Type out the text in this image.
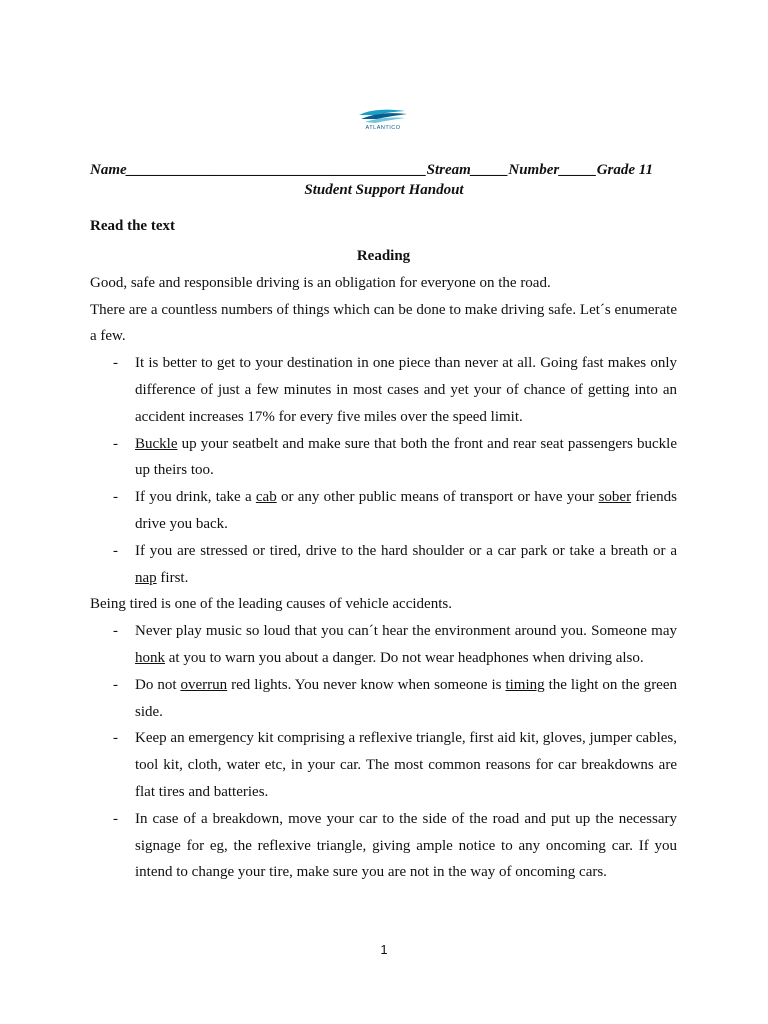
ATLANTICO
Name________________________________________Stream_____Number_____Grade 11
Student Support Handout
Read the text

Reading

Good, safe and responsible driving is an obligation for everyone on the road.

There are a countless numbers of things which can be done to make driving safe. Let´s enumerate a few.

- It is better to get to your destination in one piece than never at all. Going fast makes only difference of just a few minutes in most cases and yet your of chance of getting into an accident increases 17% for every five miles over the speed limit.
- Buckle up your seatbelt and make sure that both the front and rear seat passengers buckle up theirs too.
- If you drink, take a cab or any other public means of transport or have your sober friends drive you back.
- If you are stressed or tired, drive to the hard shoulder or a car park or take a breath or a nap first.

Being tired is one of the leading causes of vehicle accidents.

- Never play music so loud that you can´t hear the environment around you. Someone may honk at you to warn you about a danger. Do not wear headphones when driving also.
- Do not overrun red lights. You never know when someone is timing the light on the green side.
- Keep an emergency kit comprising a reflexive triangle, first aid kit, gloves, jumper cables, tool kit, cloth, water etc, in your car. The most common reasons for car breakdowns are flat tires and batteries.
- In case of a breakdown, move your car to the side of the road and put up the necessary signage for eg, the reflexive triangle, giving ample notice to any oncoming car. If you intend to change your tire, make sure you are not in the way of oncoming cars.
1
